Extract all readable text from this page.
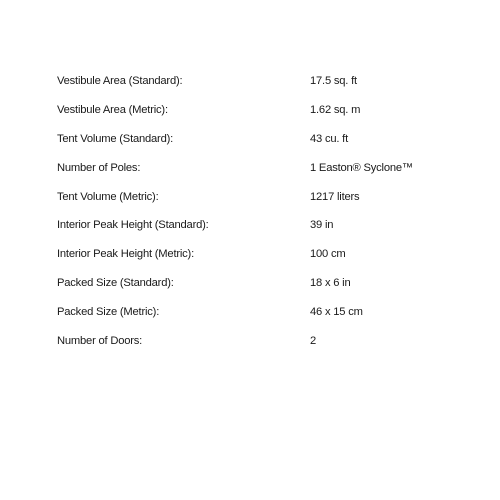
Vestibule Area (Standard):	17.5 sq. ft
Vestibule Area (Metric):	1.62 sq. m
Tent Volume (Standard):	43 cu. ft
Number of Poles:	1 Easton® Syclone™
Tent Volume (Metric):	1217 liters
Interior Peak Height (Standard):	39 in
Interior Peak Height (Metric):	100 cm
Packed Size (Standard):	18 x 6 in
Packed Size (Metric):	46 x 15 cm
Number of Doors:	2
